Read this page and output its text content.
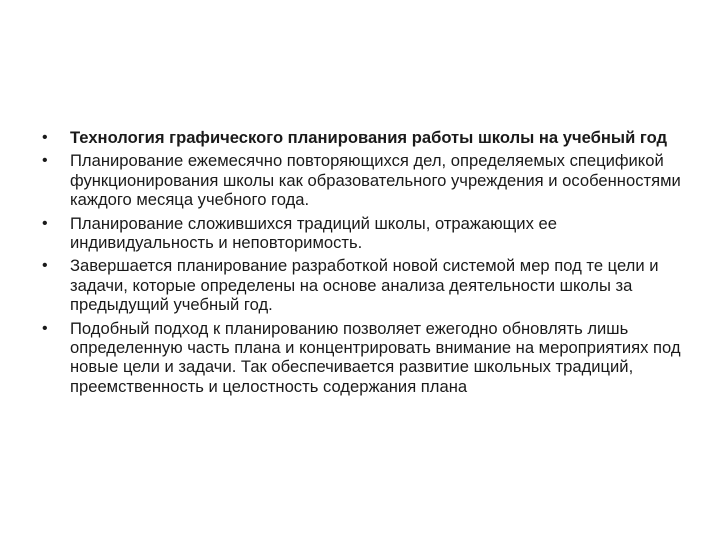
•	Технология графического планирования работы школы на учебный год
•	Планирование ежемесячно повторяющихся дел, определяемых спецификой функционирования школы как образовательного учреждения и особенностями каждого месяца учебного года.
•	Планирование сложившихся традиций школы, отражающих ее индивидуальность и неповторимость.
•	Завершается планирование разработкой новой системой мер под те цели и задачи, которые определены на основе анализа деятельности школы за предыдущий учебный год.
•	Подобный подход к планированию позволяет ежегодно обновлять лишь определенную часть плана и концентрировать внимание на мероприятиях под новые цели и задачи. Так обеспечивается развитие школьных традиций, преемственность и целостность содержания плана
